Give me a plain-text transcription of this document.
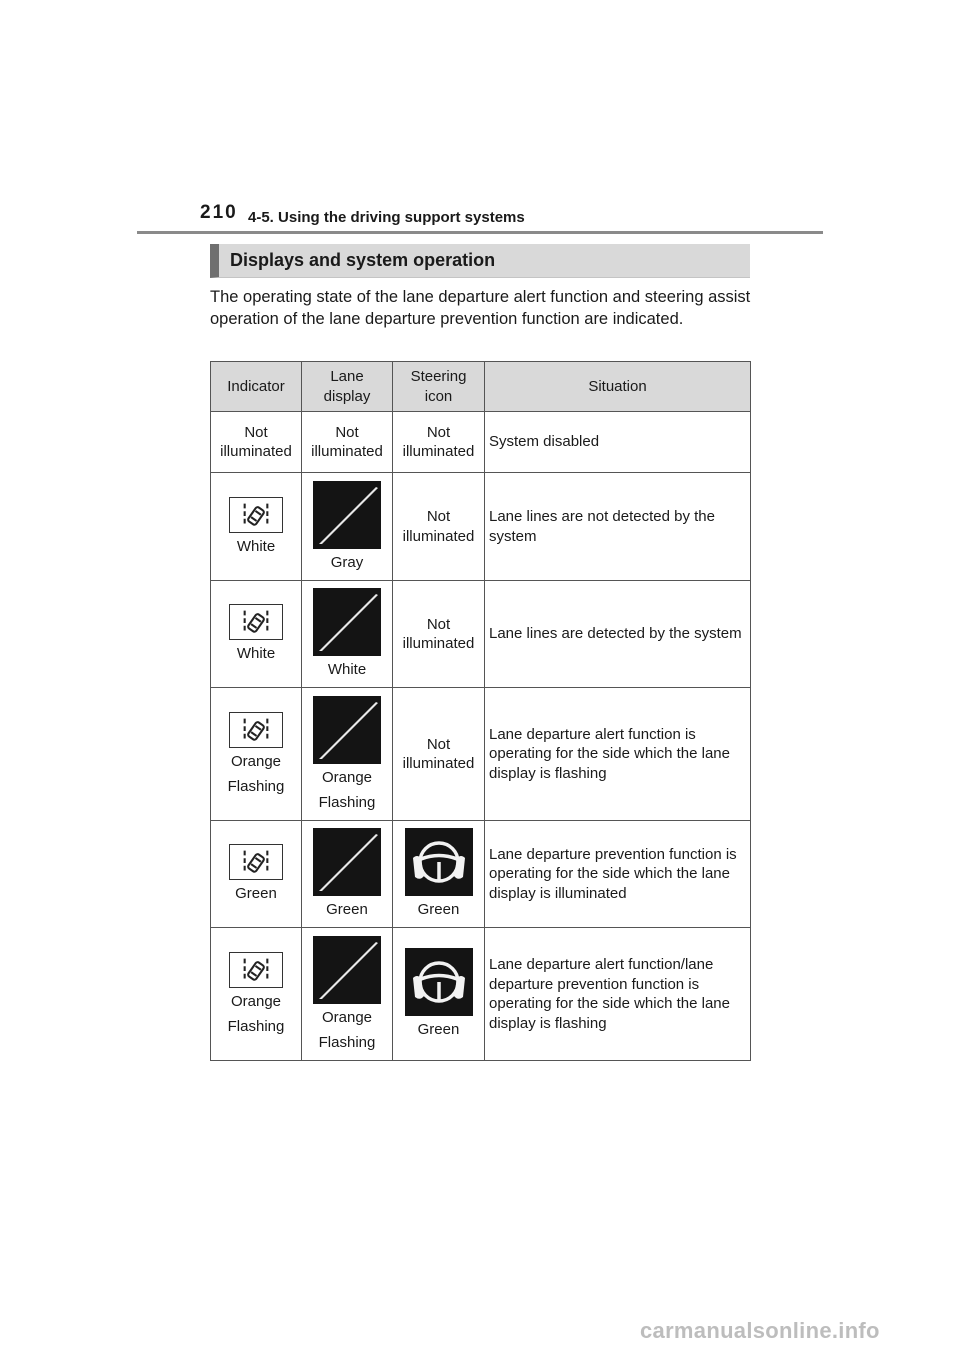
210 4-5. Using the driving support systems
Displays and system operation

The operating state of the lane departure alert function and steering assist operation of the lane departure prevention function are indicated.

Indicator	Lane display	Steering icon	Situation

Not illuminated	Not illuminated	Not illuminated	System disabled

White	Gray	Not illuminated	Lane lines are not detected by the system

White	White	Not illuminated	Lane lines are detected by the system

Orange
Flashing	Orange
Flashing	Not illuminated	Lane departure alert function is operating for the side which the lane display is flashing

Green	Green	Green	Lane departure prevention function is operating for the side which the lane display is illuminated

Orange
Flashing	Orange
Flashing	Green	Lane departure alert function/lane departure prevention function is operating for the side which the lane display is flashing
carmanualsonline.info
